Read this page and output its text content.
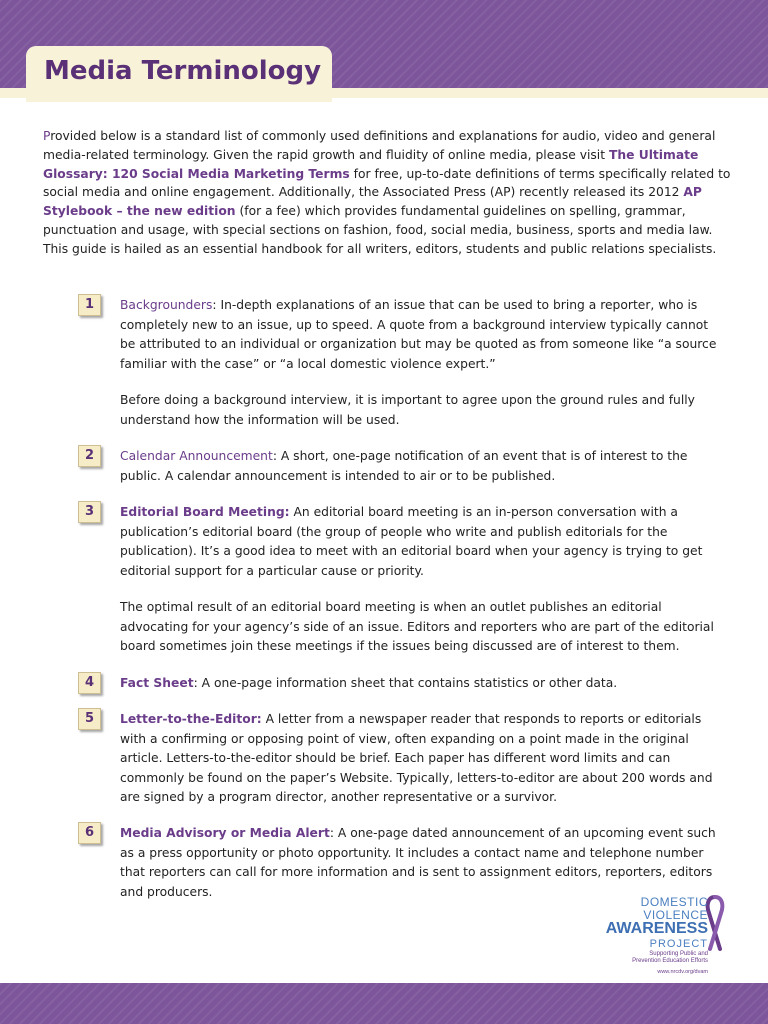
Media Terminology

Provided below is a standard list of commonly used definitions and explanations for audio, video and general media-related terminology. Given the rapid growth and fluidity of online media, please visit The Ultimate Glossary: 120 Social Media Marketing Terms for free, up-to-date definitions of terms specifically related to social media and online engagement. Additionally, the Associated Press (AP) recently released its 2012 AP Stylebook – the new edition (for a fee) which provides fundamental guidelines on spelling, grammar, punctuation and usage, with special sections on fashion, food, social media, business, sports and media law. This guide is hailed as an essential handbook for all writers, editors, students and public relations specialists.

1	Backgrounders: In-depth explanations of an issue that can be used to bring a reporter, who is completely new to an issue, up to speed. A quote from a background interview typically cannot be attributed to an individual or organization but may be quoted as from someone like “a source familiar with the case” or “a local domestic violence expert.”

Before doing a background interview, it is important to agree upon the ground rules and fully understand how the information will be used.

2	Calendar Announcement: A short, one-page notification of an event that is of interest to the public. A calendar announcement is intended to air or to be published.

3	Editorial Board Meeting: An editorial board meeting is an in-person conversation with a publication’s editorial board (the group of people who write and publish editorials for the publication). It’s a good idea to meet with an editorial board when your agency is trying to get editorial support for a particular cause or priority.

The optimal result of an editorial board meeting is when an outlet publishes an editorial advocating for your agency’s side of an issue. Editors and reporters who are part of the editorial board sometimes join these meetings if the issues being discussed are of interest to them.

4	Fact Sheet: A one-page information sheet that contains statistics or other data.

5	Letter-to-the-Editor: A letter from a newspaper reader that responds to reports or editorials with a confirming or opposing point of view, often expanding on a point made in the original article. Letters-to-the-editor should be brief. Each paper has different word limits and can commonly be found on the paper’s Website. Typically, letters-to-editor are about 200 words and are signed by a program director, another representative or a survivor.

6	Media Advisory or Media Alert: A one-page dated announcement of an upcoming event such as a press opportunity or photo opportunity. It includes a contact name and telephone number that reporters can call for more information and is sent to assignment editors, reporters, editors and producers.

DOMESTIC
VIOLENCE
AWARENESS
PROJECT
Supporting Public and
Prevention Education Efforts
www.nrcdv.org/dvam
